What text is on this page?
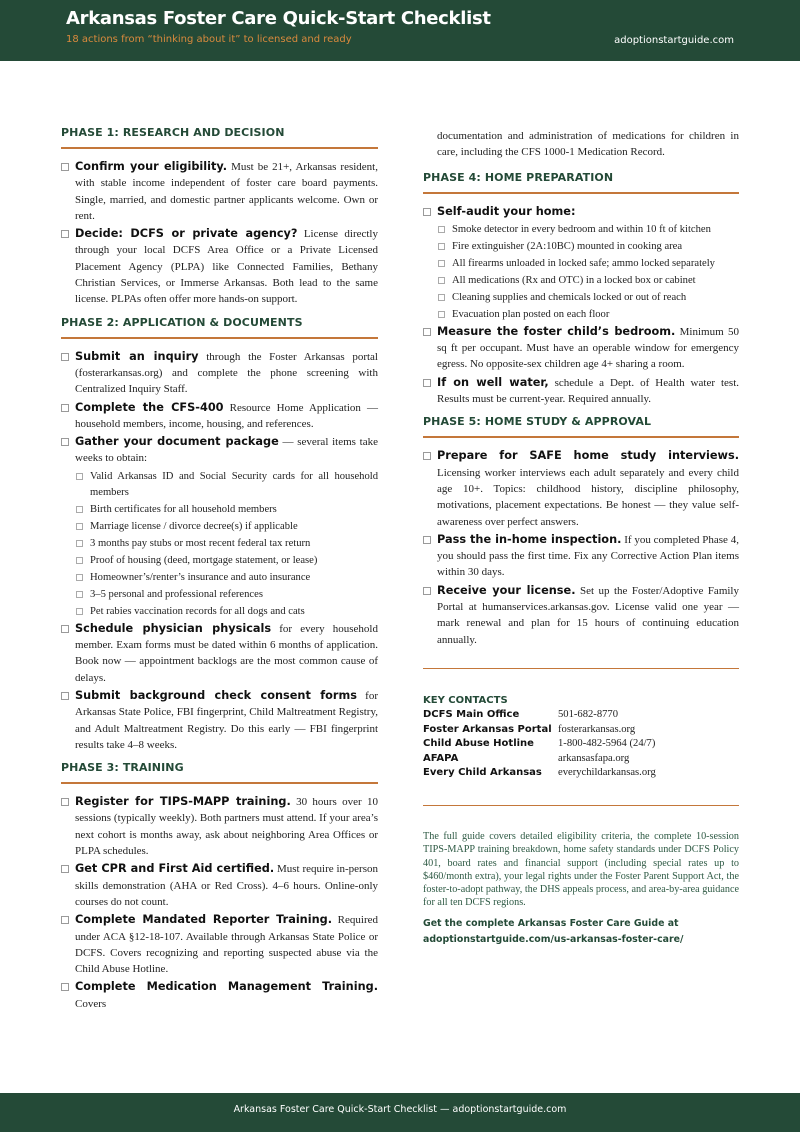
Arkansas Foster Care Quick-Start Checklist
18 actions from “thinking about it” to licensed and ready	adoptionstartguide.com
PHASE 1: RESEARCH AND DECISION
Confirm your eligibility. Must be 21+, Arkansas resident, with stable income independent of foster care board payments. Single, married, and domestic partner applicants welcome. Own or rent.
Decide: DCFS or private agency? License directly through your local DCFS Area Office or a Private Licensed Placement Agency (PLPA) like Connected Families, Bethany Christian Services, or Immerse Arkansas. Both lead to the same license. PLPAs often offer more hands-on support.
PHASE 2: APPLICATION & DOCUMENTS
Submit an inquiry through the Foster Arkansas portal (fosterarkansas.org) and complete the phone screening with Centralized Inquiry Staff.
Complete the CFS-400 Resource Home Application — household members, income, housing, and references.
Gather your document package — several items take weeks to obtain:
Valid Arkansas ID and Social Security cards for all household members
Birth certificates for all household members
Marriage license / divorce decree(s) if applicable
3 months pay stubs or most recent federal tax return
Proof of housing (deed, mortgage statement, or lease)
Homeowner’s/renter’s insurance and auto insurance
3–5 personal and professional references
Pet rabies vaccination records for all dogs and cats
Schedule physician physicals for every household member. Exam forms must be dated within 6 months of application. Book now — appointment backlogs are the most common cause of delays.
Submit background check consent forms for Arkansas State Police, FBI fingerprint, Child Maltreatment Registry, and Adult Maltreatment Registry. Do this early — FBI fingerprint results take 4–8 weeks.
PHASE 3: TRAINING
Register for TIPS-MAPP training. 30 hours over 10 sessions (typically weekly). Both partners must attend. If your area’s next cohort is months away, ask about neighboring Area Offices or PLPA schedules.
Get CPR and First Aid certified. Must require in-person skills demonstration (AHA or Red Cross). 4–6 hours. Online-only courses do not count.
Complete Mandated Reporter Training. Required under ACA §12-18-107. Available through Arkansas State Police or DCFS. Covers recognizing and reporting suspected abuse via the Child Abuse Hotline.
Complete Medication Management Training. Covers
documentation and administration of medications for children in care, including the CFS 1000-1 Medication Record.
PHASE 4: HOME PREPARATION
Self-audit your home:
Smoke detector in every bedroom and within 10 ft of kitchen
Fire extinguisher (2A:10BC) mounted in cooking area
All firearms unloaded in locked safe; ammo locked separately
All medications (Rx and OTC) in a locked box or cabinet
Cleaning supplies and chemicals locked or out of reach
Evacuation plan posted on each floor
Measure the foster child’s bedroom. Minimum 50 sq ft per occupant. Must have an operable window for emergency egress. No opposite-sex children age 4+ sharing a room.
If on well water, schedule a Dept. of Health water test. Results must be current-year. Required annually.
PHASE 5: HOME STUDY & APPROVAL
Prepare for SAFE home study interviews. Licensing worker interviews each adult separately and every child age 10+. Topics: childhood history, discipline philosophy, motivations, placement expectations. Be honest — they value self-awareness over perfect answers.
Pass the in-home inspection. If you completed Phase 4, you should pass the first time. Fix any Corrective Action Plan items within 30 days.
Receive your license. Set up the Foster/Adoptive Family Portal at humanservices.arkansas.gov. License valid one year — mark renewal and plan for 15 hours of continuing education annually.
KEY CONTACTS
DCFS Main Office	501-682-8770
Foster Arkansas Portal fosterarkansas.org
Child Abuse Hotline	1-800-482-5964 (24/7)
AFAPA	arkansasfapa.org
Every Child Arkansas	everychildarkansas.org
The full guide covers detailed eligibility criteria, the complete 10-session TIPS-MAPP training breakdown, home safety standards under DCFS Policy 401, board rates and financial support (including special rates up to $460/month extra), your legal rights under the Foster Parent Support Act, the foster-to-adopt pathway, the DHS appeals process, and area-by-area guidance for all ten DCFS regions.
Get the complete Arkansas Foster Care Guide at
adoptionstartguide.com/us-arkansas-foster-care/
Arkansas Foster Care Quick-Start Checklist — adoptionstartguide.com
